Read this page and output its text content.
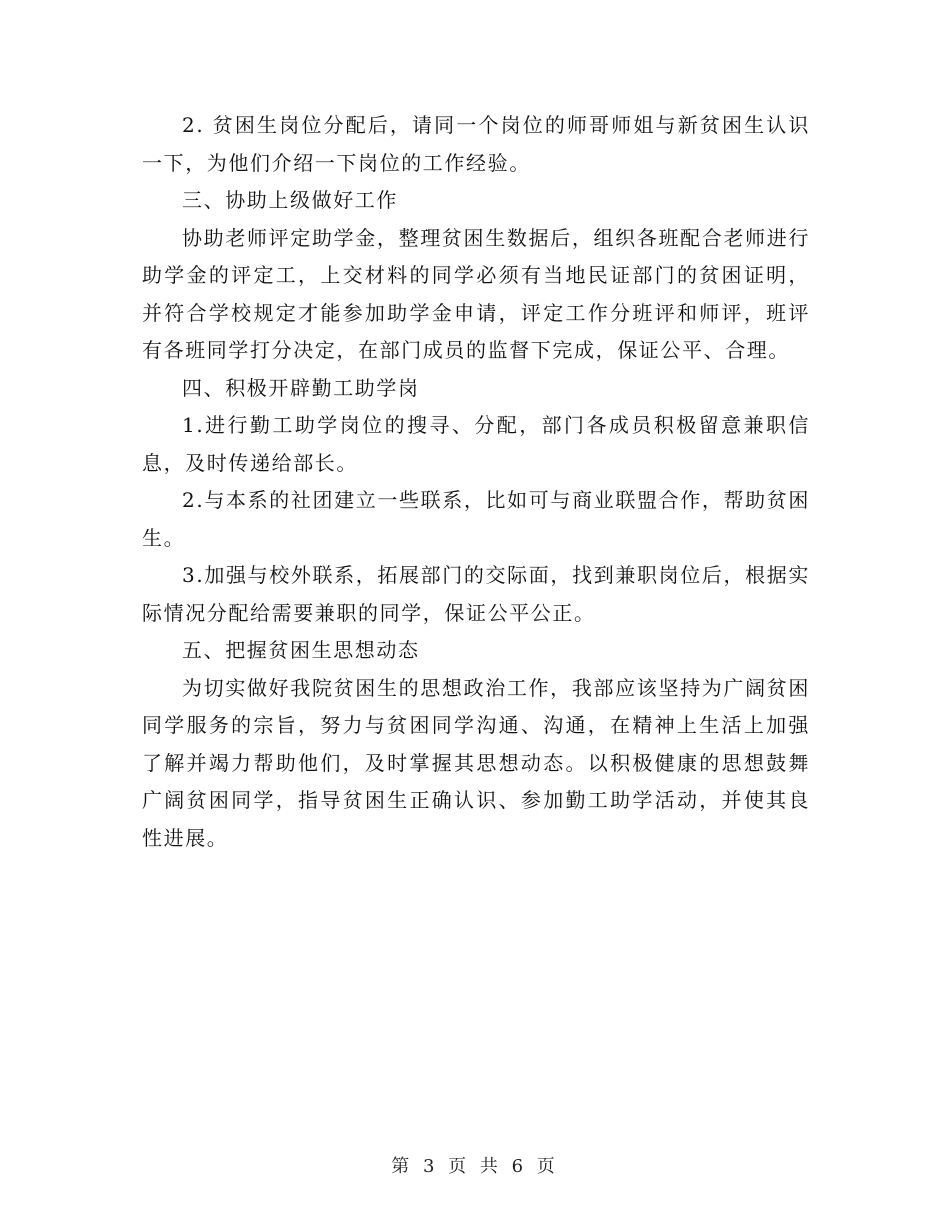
2. 贫困生岗位分配后，请同一个岗位的师哥师姐与新贫困生认识一下，为他们介绍一下岗位的工作经验。

三、协助上级做好工作

协助老师评定助学金，整理贫困生数据后，组织各班配合老师进行助学金的评定工，上交材料的同学必须有当地民证部门的贫困证明，并符合学校规定才能参加助学金申请，评定工作分班评和师评，班评有各班同学打分决定，在部门成员的监督下完成，保证公平、合理。

四、积极开辟勤工助学岗

1.进行勤工助学岗位的搜寻、分配，部门各成员积极留意兼职信息，及时传递给部长。

2.与本系的社团建立一些联系，比如可与商业联盟合作，帮助贫困生。

3.加强与校外联系，拓展部门的交际面，找到兼职岗位后，根据实际情况分配给需要兼职的同学，保证公平公正。

五、把握贫困生思想动态

为切实做好我院贫困生的思想政治工作，我部应该坚持为广阔贫困同学服务的宗旨，努力与贫困同学沟通、沟通，在精神上生活上加强了解并竭力帮助他们，及时掌握其思想动态。以积极健康的思想鼓舞广阔贫困同学，指导贫困生正确认识、参加勤工助学活动，并使其良性进展。

第 3 页 共 6 页
